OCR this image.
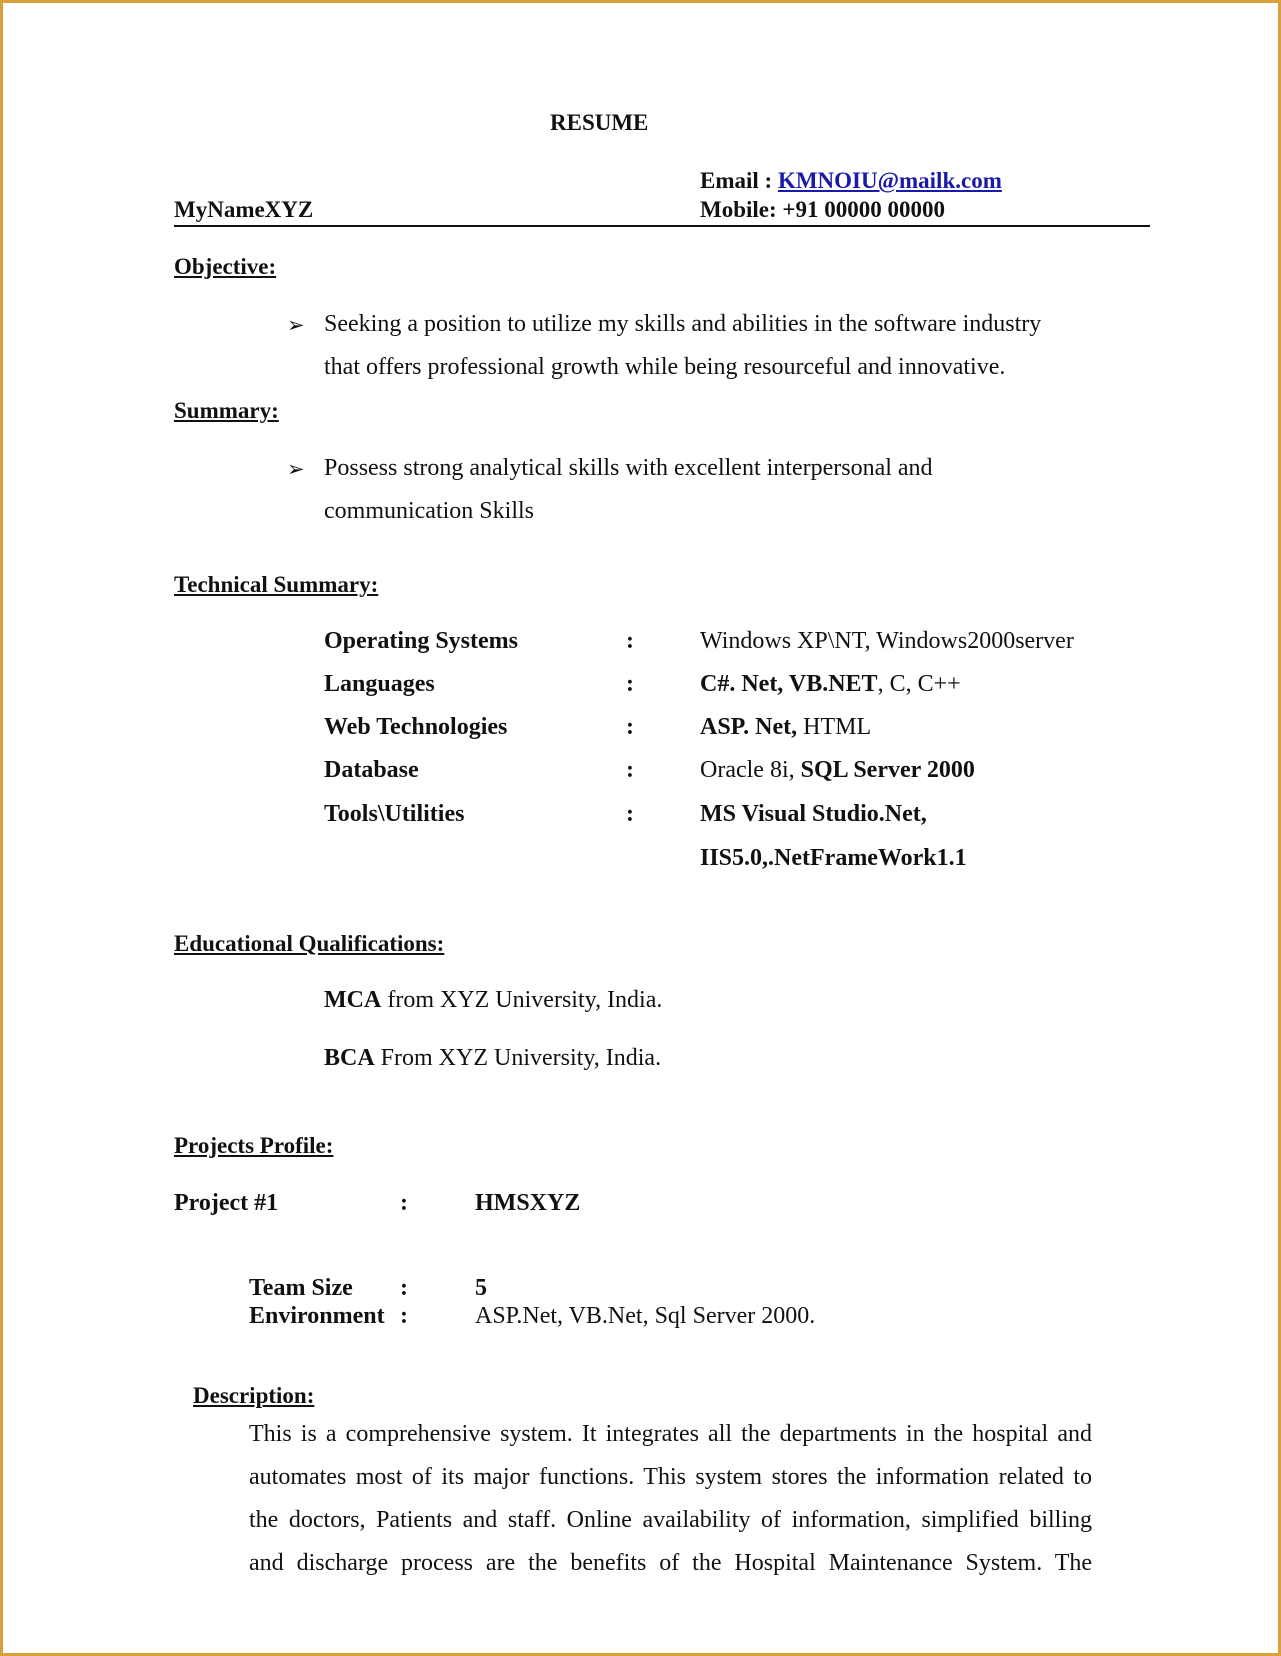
RESUME
Email : KMNOIU@mailk.com
MyNameXYZ	Mobile: +91 00000 00000
Objective:
➢ Seeking a position to utilize my skills and abilities in the software industry
that offers professional growth while being resourceful and innovative.
Summary:
➢ Possess strong analytical skills with excellent interpersonal and
communication Skills
Technical Summary:
Operating Systems	:	Windows XP\NT, Windows2000server
Languages	:	C#. Net, VB.NET, C, C++
Web Technologies	:	ASP. Net, HTML
Database	:	Oracle 8i, SQL Server 2000
Tools\Utilities	:	MS Visual Studio.Net,
IIS5.0,.NetFrameWork1.1
Educational Qualifications:
MCA from XYZ University, India.
BCA From XYZ University, India.
Projects Profile:
Project #1	:	HMSXYZ
Team Size :	5
Environment :	ASP.Net, VB.Net, Sql Server 2000.
Description:
This is a comprehensive system. It integrates all the departments in the hospital and
automates most of its major functions. This system stores the information related to
the doctors, Patients and staff. Online availability of information, simplified billing
and discharge process are the benefits of the Hospital Maintenance System. The
